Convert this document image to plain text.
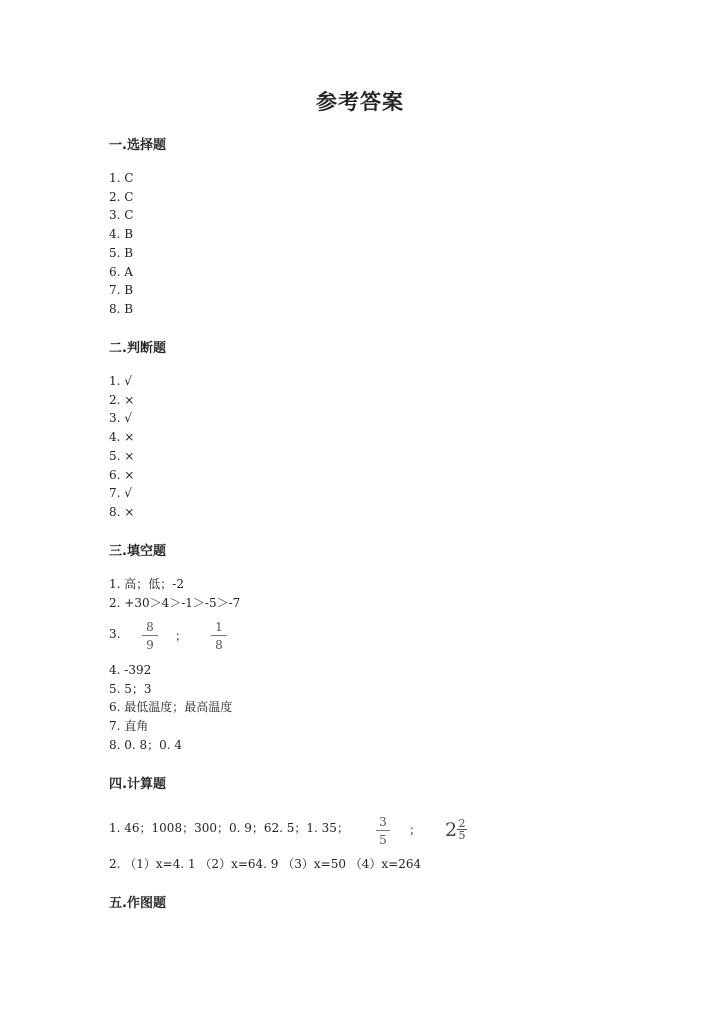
参考答案
一.选择题
1. C
2. C
3. C
4. B
5. B
6. A
7. B
8. B
二.判断题
1. √
2. ×
3. √
4. ×
5. ×
6. ×
7. √
8. ×
三.填空题
1. 高；低；-2
2. +30＞4＞-1＞-5＞-7
3.	8
9
；
1
8
4. -392
5. 5；3
6. 最低温度；最高温度
7. 直角
8. 0. 8；0. 4
四.计算题
1. 46；1008；300；0. 9；62. 5；1. 35；	3
5
； 2 2
5
2. （1）x=4. 1 （2）x=64. 9 （3）x=50 （4）x=264
五.作图题
